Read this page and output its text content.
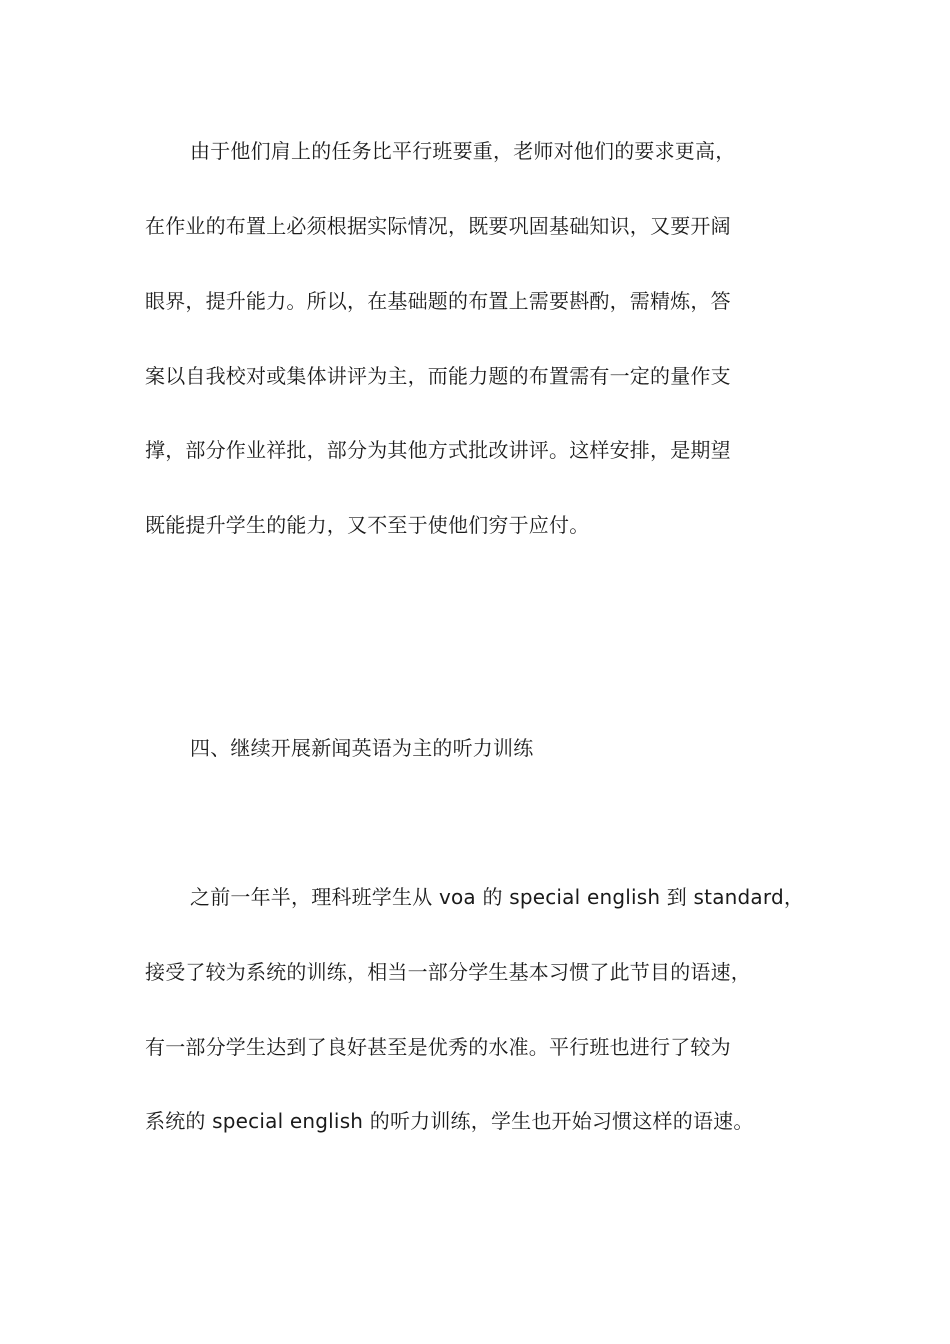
由于他们肩上的任务比平行班要重，老师对他们的要求更高，
在作业的布置上必须根据实际情况，既要巩固基础知识，又要开阔
眼界，提升能力。所以，在基础题的布置上需要斟酌，需精炼，答
案以自我校对或集体讲评为主，而能力题的布置需有一定的量作支
撑，部分作业祥批，部分为其他方式批改讲评。这样安排，是期望
既能提升学生的能力，又不至于使他们穷于应付。
四、继续开展新闻英语为主的听力训练
之前一年半，理科班学生从 voa 的 special english 到 standard，
接受了较为系统的训练，相当一部分学生基本习惯了此节目的语速，
有一部分学生达到了良好甚至是优秀的水准。平行班也进行了较为
系统的 special english 的听力训练，学生也开始习惯这样的语速。
